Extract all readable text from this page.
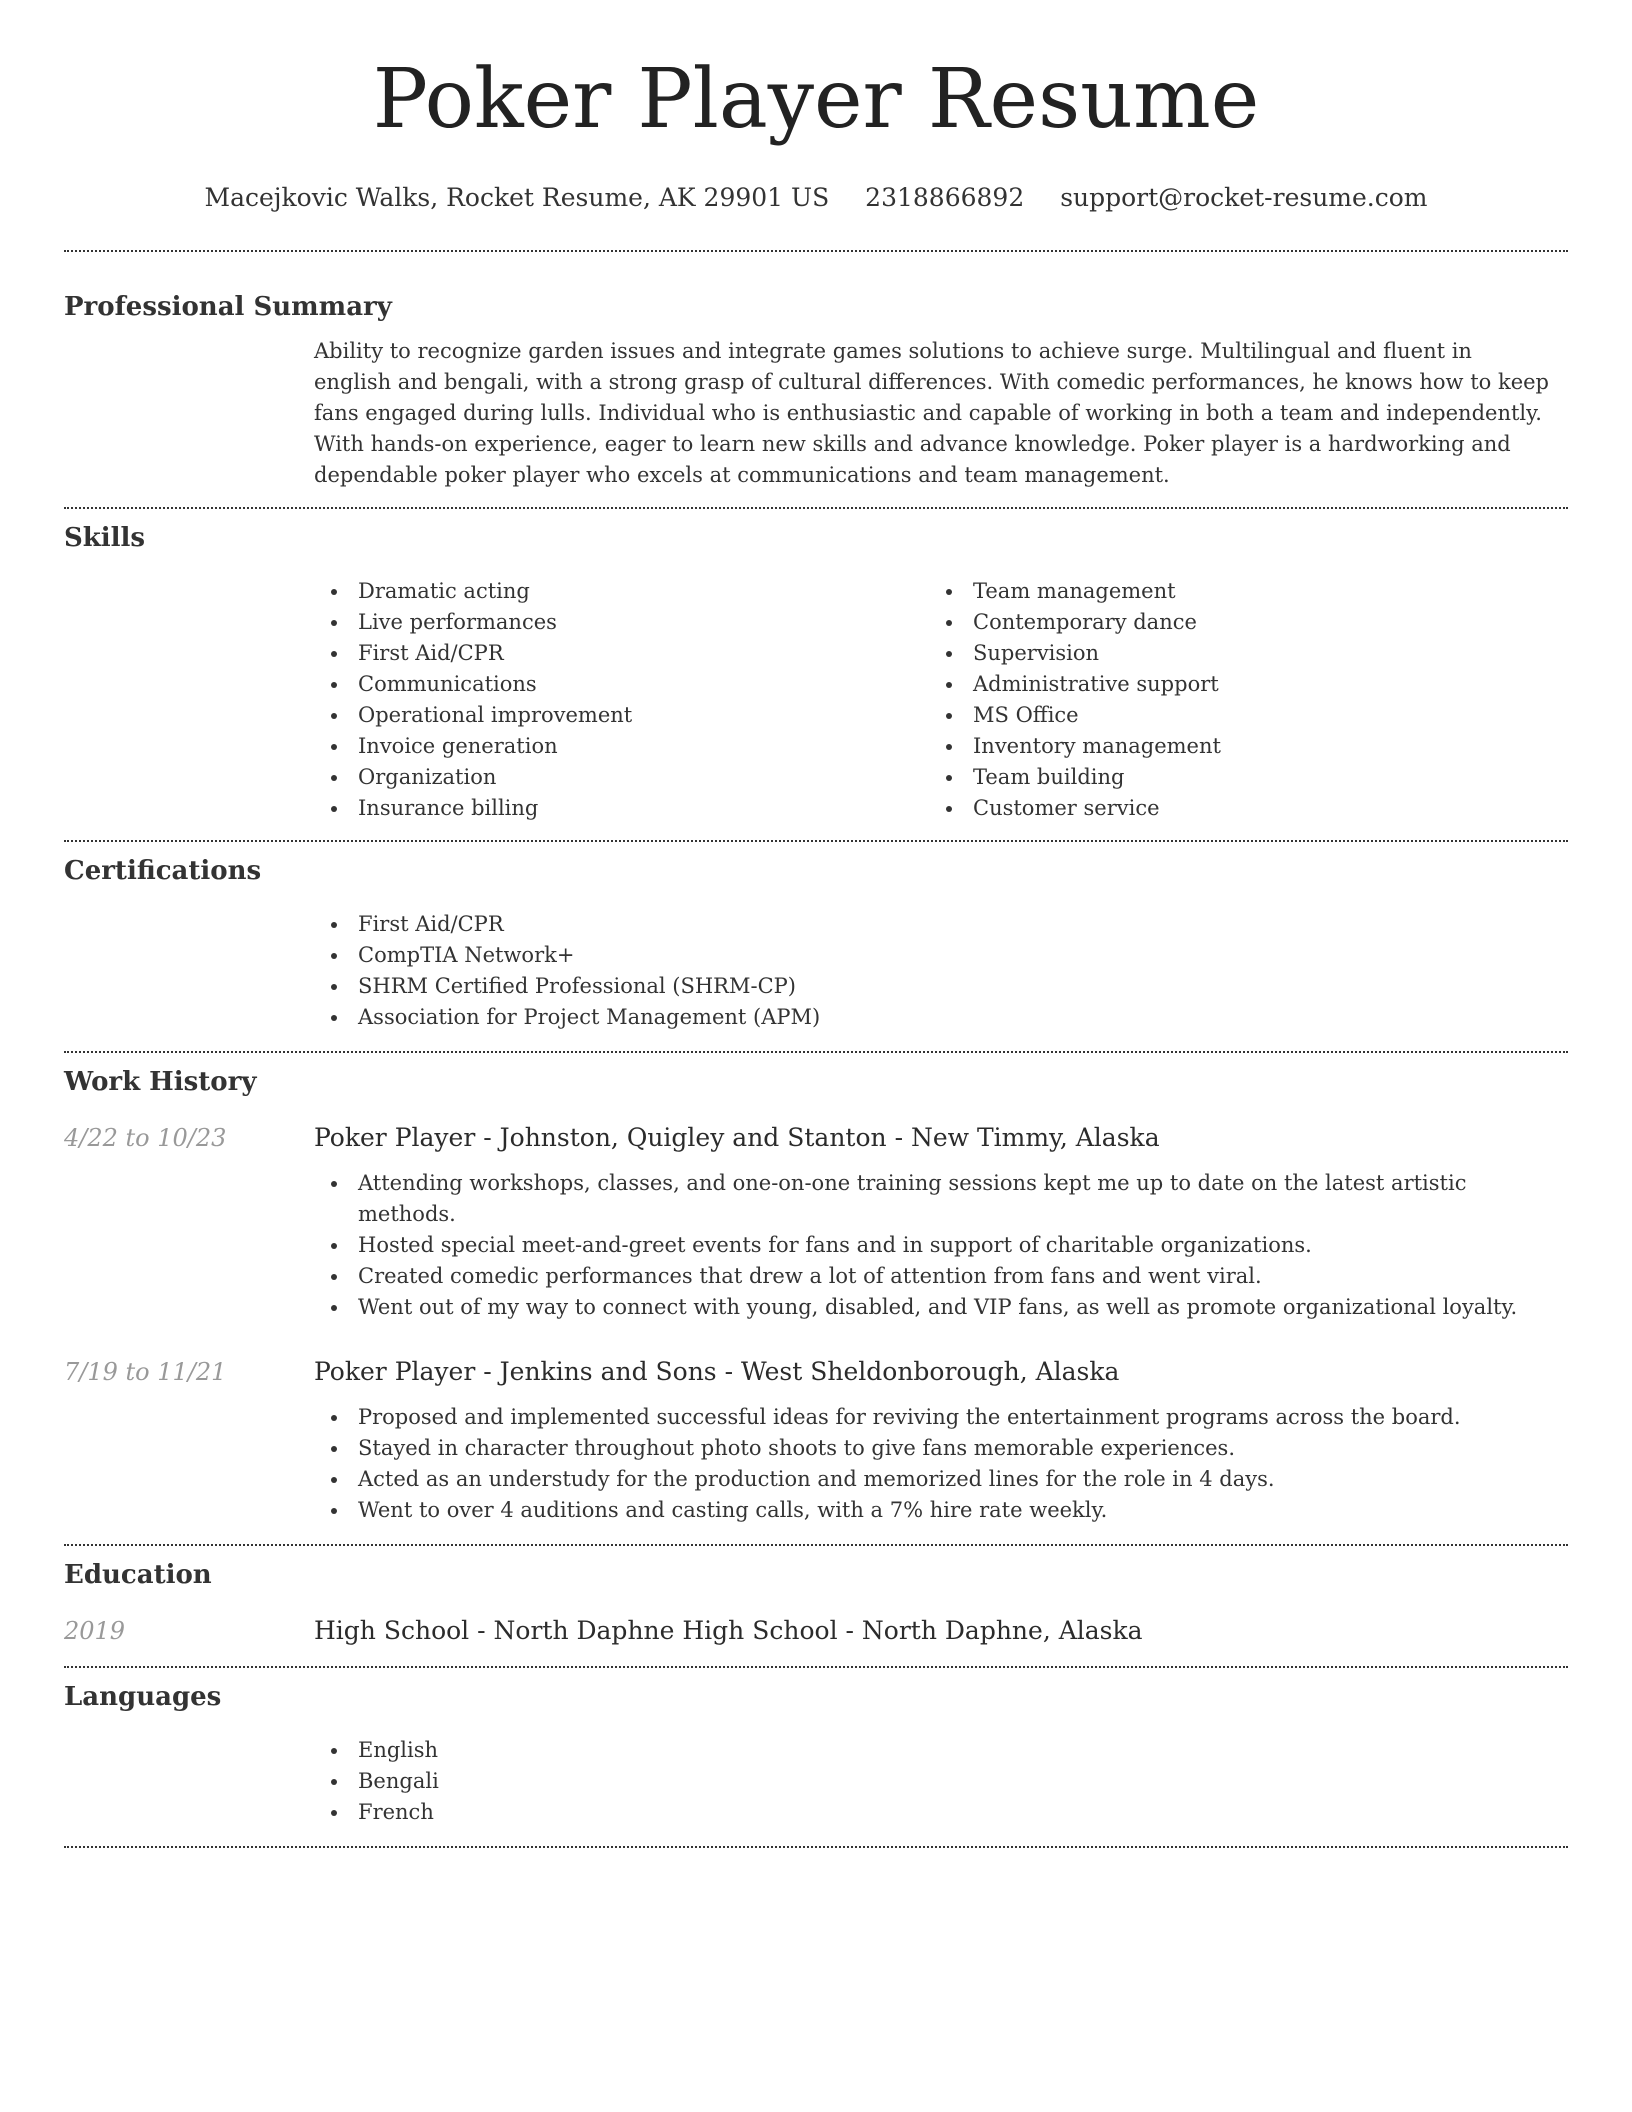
Poker Player Resume
Macejkovic Walks, Rocket Resume, AK 29901 US 2318866892 support@rocket-resume.com
Professional Summary

Ability to recognize garden issues and integrate games solutions to achieve surge. Multilingual and fluent in english and bengali, with a strong grasp of cultural differences. With comedic performances, he knows how to keep fans engaged during lulls. Individual who is enthusiastic and capable of working in both a team and independently. With hands-on experience, eager to learn new skills and advance knowledge. Poker player is a hardworking and dependable poker player who excels at communications and team management.

Skills
Dramatic acting
Live performances
First Aid/CPR
Communications
Operational improvement
Invoice generation
Organization
Insurance billing
Team management
Contemporary dance
Supervision
Administrative support
MS Office
Inventory management
Team building
Customer service
Certifications
First Aid/CPR
CompTIA Network+
SHRM Certified Professional (SHRM-CP)
Association for Project Management (APM)
Work History
4/22 to 10/23	Poker Player - Johnston, Quigley and Stanton - New Timmy, Alaska
Attending workshops, classes, and one-on-one training sessions kept me up to date on the latest artistic methods.
Hosted special meet-and-greet events for fans and in support of charitable organizations.
Created comedic performances that drew a lot of attention from fans and went viral.
Went out of my way to connect with young, disabled, and VIP fans, as well as promote organizational loyalty.
7/19 to 11/21	Poker Player - Jenkins and Sons - West Sheldonborough, Alaska
Proposed and implemented successful ideas for reviving the entertainment programs across the board.
Stayed in character throughout photo shoots to give fans memorable experiences.
Acted as an understudy for the production and memorized lines for the role in 4 days.
Went to over 4 auditions and casting calls, with a 7% hire rate weekly.
Education
2019	High School - North Daphne High School - North Daphne, Alaska
Languages
English
Bengali
French
